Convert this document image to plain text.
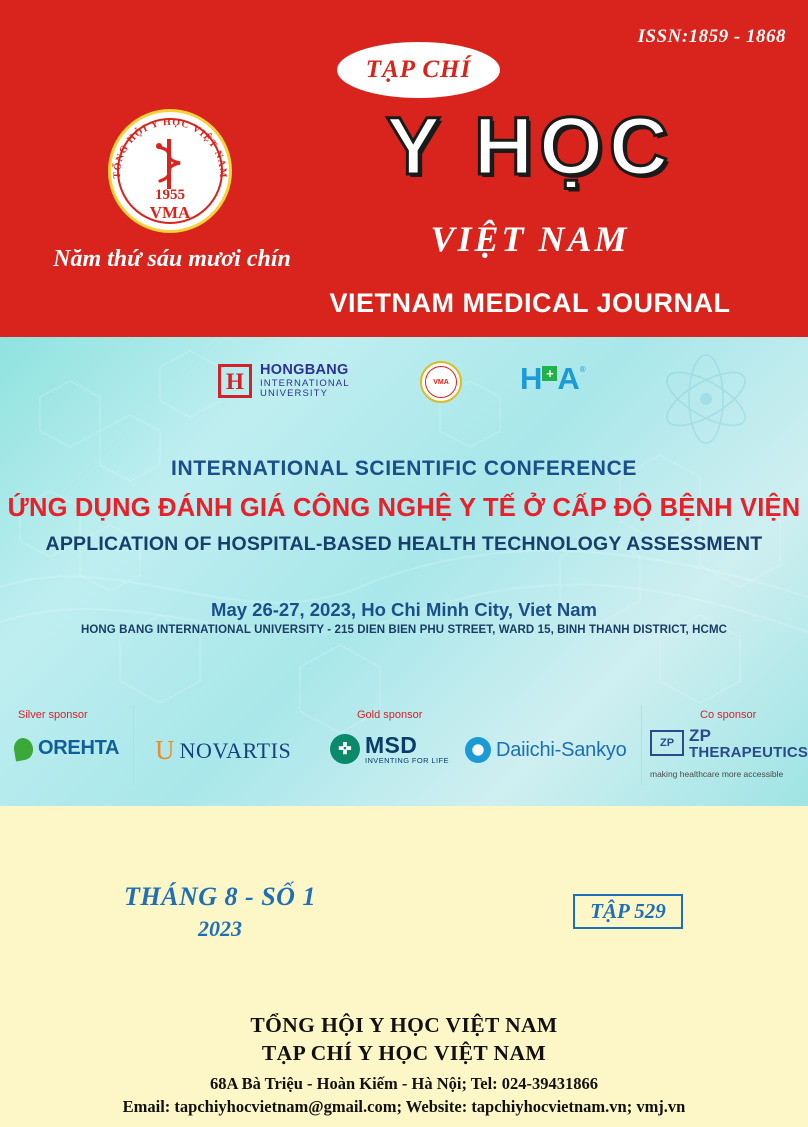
ISSN:1859 - 1868
TẠP CHÍ
Y HỌC
VIỆT NAM
VIETNAM MEDICAL JOURNAL
Năm thứ sáu mươi chín
TỔNG HỘI Y HỌC VIỆT NAM
1955
VMA
H	HONGBANG
INTERNATIONAL
UNIVERSITY
VMA H + A ®
INTERNATIONAL SCIENTIFIC CONFERENCE
ỨNG DỤNG ĐÁNH GIÁ CÔNG NGHỆ Y TẾ Ở CẤP ĐỘ BỆNH VIỆN
APPLICATION OF HOSPITAL-BASED HEALTH TECHNOLOGY ASSESSMENT
May 26-27, 2023, Ho Chi Minh City, Viet Nam
HONG BANG INTERNATIONAL UNIVERSITY - 215 DIEN BIEN PHU STREET, WARD 15, BINH THANH DISTRICT, HCMC
Silver sponsor	Gold sponsor	Co sponsor
OREHTA U NOVARTIS	✜ MSD
INVENTING FOR LIFE
Daiichi-Sankyo	ZP ZP
THERAPEUTICS
making healthcare more accessible
THÁNG 8 - SỐ 1
2023
TẬP 529
TỔNG HỘI Y HỌC VIỆT NAM
TẠP CHÍ Y HỌC VIỆT NAM
68A Bà Triệu - Hoàn Kiếm - Hà Nội; Tel: 024-39431866
Email: tapchiyhocvietnam@gmail.com; Website: tapchiyhocvietnam.vn; vmj.vn
